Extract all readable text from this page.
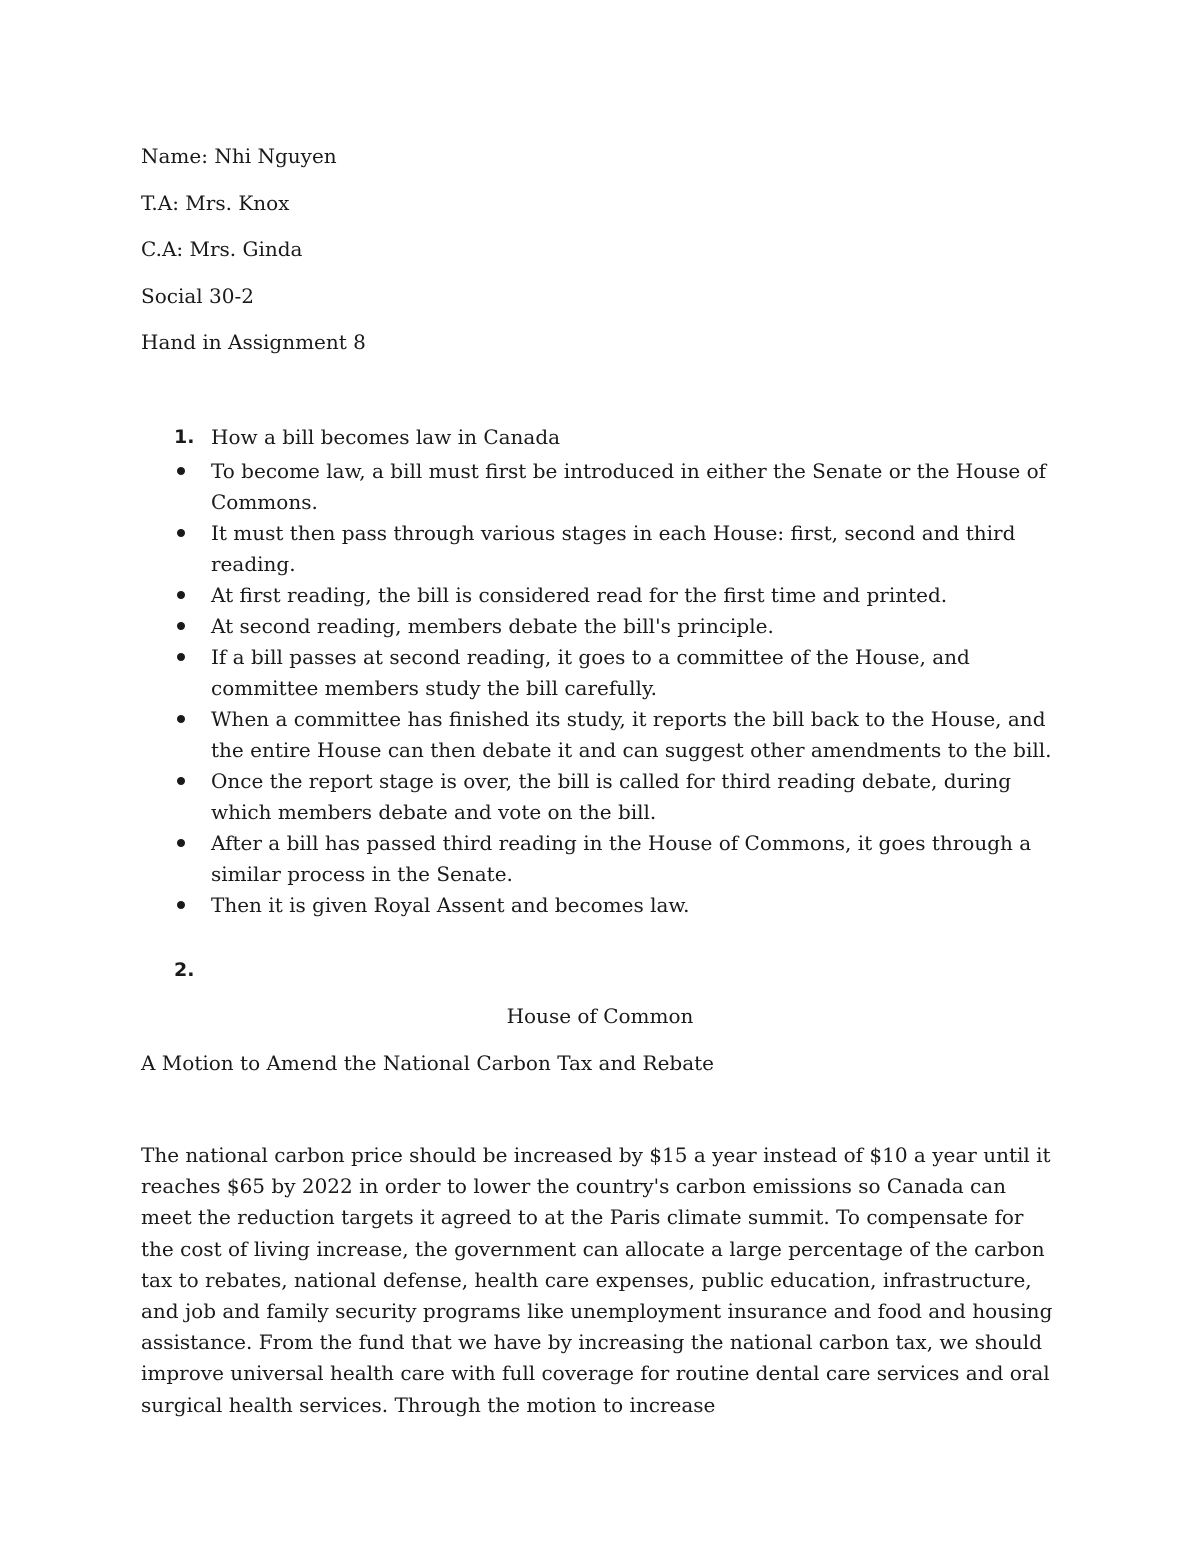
Name: Nhi Nguyen
T.A: Mrs. Knox
C.A: Mrs. Ginda
Social 30-2
Hand in Assignment 8
1. How a bill becomes law in Canada
To become law, a bill must first be introduced in either the Senate or the House of Commons.
It must then pass through various stages in each House: first, second and third reading.
At first reading, the bill is considered read for the first time and printed.
At second reading, members debate the bill's principle.
If a bill passes at second reading, it goes to a committee of the House, and committee members study the bill carefully.
When a committee has finished its study, it reports the bill back to the House, and the entire House can then debate it and can suggest other amendments to the bill.
Once the report stage is over, the bill is called for third reading debate, during which members debate and vote on the bill.
After a bill has passed third reading in the House of Commons, it goes through a similar process in the Senate.
Then it is given Royal Assent and becomes law.
2.
House of Common
A Motion to Amend the National Carbon Tax and Rebate

The national carbon price should be increased by $15 a year instead of $10 a year until it reaches $65 by 2022 in order to lower the country's carbon emissions so Canada can meet the reduction targets it agreed to at the Paris climate summit. To compensate for the cost of living increase, the government can allocate a large percentage of the carbon tax to rebates, national defense, health care expenses, public education, infrastructure, and job and family security programs like unemployment insurance and food and housing assistance. From the fund that we have by increasing the national carbon tax, we should improve universal health care with full coverage for routine dental care services and oral surgical health services. Through the motion to increase
